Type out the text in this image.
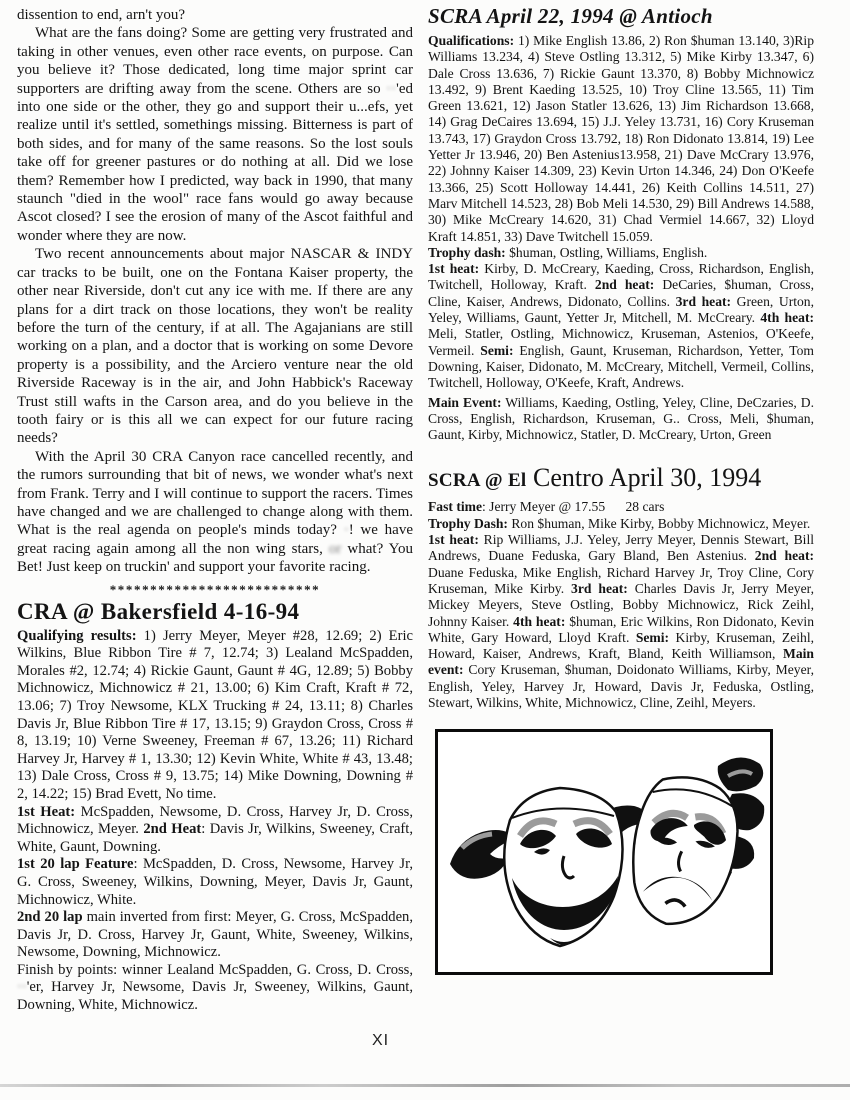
dissention to end, arn't you?

What are the fans doing? Some are getting very frustrated and taking in other venues, even other race events, on purpose. Can you believe it? Those dedicated, long time major sprint car supporters are drifting away from the scene. Others are so ··'ed into one side or the other, they go and support their u...efs, yet realize until it's settled, somethings missing. Bitterness is part of both sides, and for many of the same reasons. So the lost souls take off for greener pastures or do nothing at all. Did we lose them? Remember how I predicted, way back in 1990, that many staunch "died in the wool" race fans would go away because Ascot closed? I see the erosion of many of the Ascot faithful and wonder where they are now.

Two recent announcements about major NASCAR & INDY car tracks to be built, one on the Fontana Kaiser property, the other near Riverside, don't cut any ice with me. If there are any plans for a dirt track on those locations, they won't be reality before the turn of the century, if at all. The Agajanians are still working on a plan, and a doctor that is working on some Devore property is a possibility, and the Arciero venture near the old Riverside Raceway is in the air, and John Habbick's Raceway Trust still wafts in the Carson area, and do you believe in the tooth fairy or is this all we can expect for our future racing needs?

With the April 30 CRA Canyon race cancelled recently, and the rumors surrounding that bit of news, we wonder what's next from Frank. Terry and I will continue to support the racers. Times have changed and we are challenged to change along with them. What is the real agenda on people's minds today? ·! we have great racing again among all the non wing stars, or what? You Bet! Just keep on truckin' and support your favorite racing.

**************************
CRA @ Bakersfield 4-16-94

Qualifying results: 1) Jerry Meyer, Meyer #28, 12.69; 2) Eric Wilkins, Blue Ribbon Tire # 7, 12.74; 3) Lealand McSpadden, Morales #2, 12.74; 4) Rickie Gaunt, Gaunt # 4G, 12.89; 5) Bobby Michnowicz, Michnowicz # 21, 13.00; 6) Kim Craft, Kraft # 72, 13.06; 7) Troy Newsome, KLX Trucking # 24, 13.11; 8) Charles Davis Jr, Blue Ribbon Tire # 17, 13.15; 9) Graydon Cross, Cross # 8, 13.19; 10) Verne Sweeney, Freeman # 67, 13.26; 11) Richard Harvey Jr, Harvey # 1, 13.30; 12) Kevin White, White # 43, 13.48; 13) Dale Cross, Cross # 9, 13.75; 14) Mike Downing, Downing # 2, 14.22; 15) Brad Evett, No time.

1st Heat: McSpadden, Newsome, D. Cross, Harvey Jr, D. Cross, Michnowicz, Meyer. 2nd Heat: Davis Jr, Wilkins, Sweeney, Craft, White, Gaunt, Downing.

1st 20 lap Feature: McSpadden, D. Cross, Newsome, Harvey Jr, G. Cross, Sweeney, Wilkins, Downing, Meyer, Davis Jr, Gaunt, Michnowicz, White.

2nd 20 lap main inverted from first: Meyer, G. Cross, McSpadden, Davis Jr, D. Cross, Harvey Jr, Gaunt, White, Sweeney, Wilkins, Newsome, Downing, Michnowicz.

Finish by points: winner Lealand McSpadden, G. Cross, D. Cross, ··'er, Harvey Jr, Newsome, Davis Jr, Sweeney, Wilkins, Gaunt, Downing, White, Michnowicz.

SCRA April 22, 1994 @ Antioch

Qualifications: 1) Mike English 13.86, 2) Ron $human 13.140, 3)Rip Williams 13.234, 4) Steve Ostling 13.312, 5) Mike Kirby 13.347, 6) Dale Cross 13.636, 7) Rickie Gaunt 13.370, 8) Bobby Michnowicz 13.492, 9) Brent Kaeding 13.525, 10) Troy Cline 13.565, 11) Tim Green 13.621, 12) Jason Statler 13.626, 13) Jim Richardson 13.668, 14) Grag DeCaires 13.694, 15) J.J. Yeley 13.731, 16) Cory Kruseman 13.743, 17) Graydon Cross 13.792, 18) Ron Didonato 13.814, 19) Lee Yetter Jr 13.946, 20) Ben Astenius13.958, 21) Dave McCrary 13.976, 22) Johnny Kaiser 14.309, 23) Kevin Urton 14.346, 24) Don O'Keefe 13.366, 25) Scott Holloway 14.441, 26) Keith Collins 14.511, 27) Marv Mitchell 14.523, 28) Bob Meli 14.530, 29) Bill Andrews 14.588, 30) Mike McCreary 14.620, 31) Chad Vermiel 14.667, 32) Lloyd Kraft 14.851, 33) Dave Twitchell 15.059.

Trophy dash: $human, Ostling, Williams, English.

1st heat: Kirby, D. McCreary, Kaeding, Cross, Richardson, English, Twitchell, Holloway, Kraft. 2nd heat: DeCaries, $human, Cross, Cline, Kaiser, Andrews, Didonato, Collins. 3rd heat: Green, Urton, Yeley, Williams, Gaunt, Yetter Jr, Mitchell, M. McCreary. 4th heat: Meli, Statler, Ostling, Michnowicz, Kruseman, Astenios, O'Keefe, Vermeil. Semi: English, Gaunt, Kruseman, Richardson, Yetter, Tom Downing, Kaiser, Didonato, M. McCreary, Mitchell, Vermeil, Collins, Twitchell, Holloway, O'Keefe, Kraft, Andrews.

Main Event: Williams, Kaeding, Ostling, Yeley, Cline, DeCzaries, D. Cross, English, Richardson, Kruseman, G.. Cross, Meli, $human, Gaunt, Kirby, Michnowicz, Statler, D. McCreary, Urton, Green

SCRA @ El Centro April 30, 1994

Fast time: Jerry Meyer @ 17.55      28 cars

Trophy Dash: Ron $human, Mike Kirby, Bobby Michnowicz, Meyer.

1st heat: Rip Williams, J.J. Yeley, Jerry Meyer, Dennis Stewart, Bill Andrews, Duane Feduska, Gary Bland, Ben Astenius. 2nd heat: Duane Feduska, Mike English, Richard Harvey Jr, Troy Cline, Cory Kruseman, Mike Kirby. 3rd heat: Charles Davis Jr, Jerry Meyer, Mickey Meyers, Steve Ostling, Bobby Michnowicz, Rick Zeihl, Johnny Kaiser. 4th heat: $human, Eric Wilkins, Ron Didonato, Kevin White, Gary Howard, Lloyd Kraft. Semi: Kirby, Kruseman, Zeihl, Howard, Kaiser, Andrews, Kraft, Bland, Keith Williamson, Main event: Cory Kruseman, $human, Doidonato Williams, Kirby, Meyer, English, Yeley, Harvey Jr, Howard, Davis Jr, Feduska, Ostling, Stewart, Wilkins, White, Michnowicz, Cline, Zeihl, Meyers.

XI
